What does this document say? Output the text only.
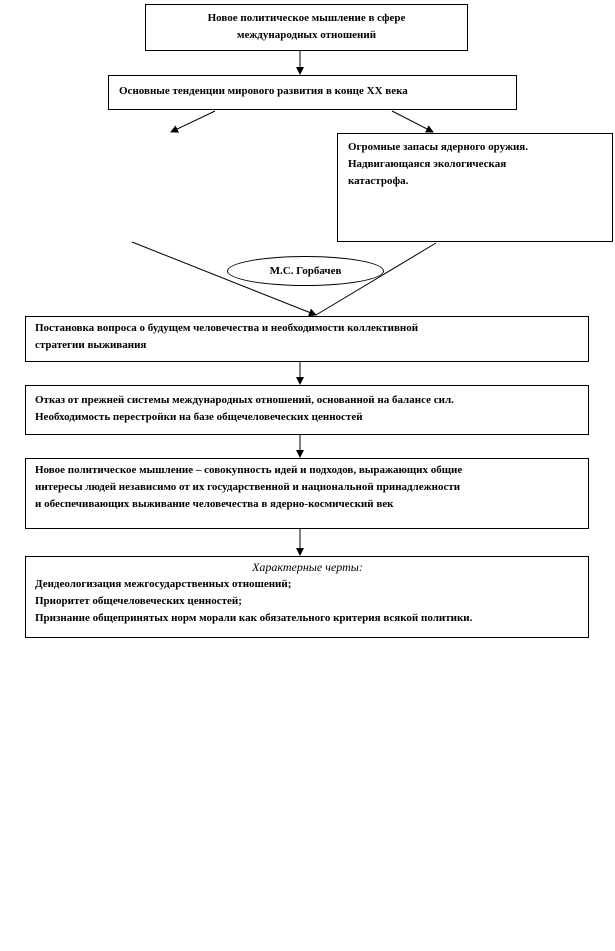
Новое политическое мышление в сфере
международных отношений
Основные тенденции мирового развития в конце XX века
Огромные запасы ядерного оружия.
Надвигающаяся экологическая
катастрофа.
М.С. Горбачев
Постановка вопроса о будущем человечества и необходимости коллективной
стратегии выживания
Отказ от прежней системы международных отношений, основанной на балансе сил.
Необходимость перестройки на базе общечеловеческих ценностей
Новое политическое мышление – совокупность идей и подходов, выражающих общие
интересы людей независимо от их государственной и национальной принадлежности
и обеспечивающих выживание человечества в ядерно-космический век
Характерные черты:
Деидеологизация межгосударственных отношений;
Приоритет общечеловеческих ценностей;
Признание общепринятых норм морали как обязательного критерия всякой политики.
